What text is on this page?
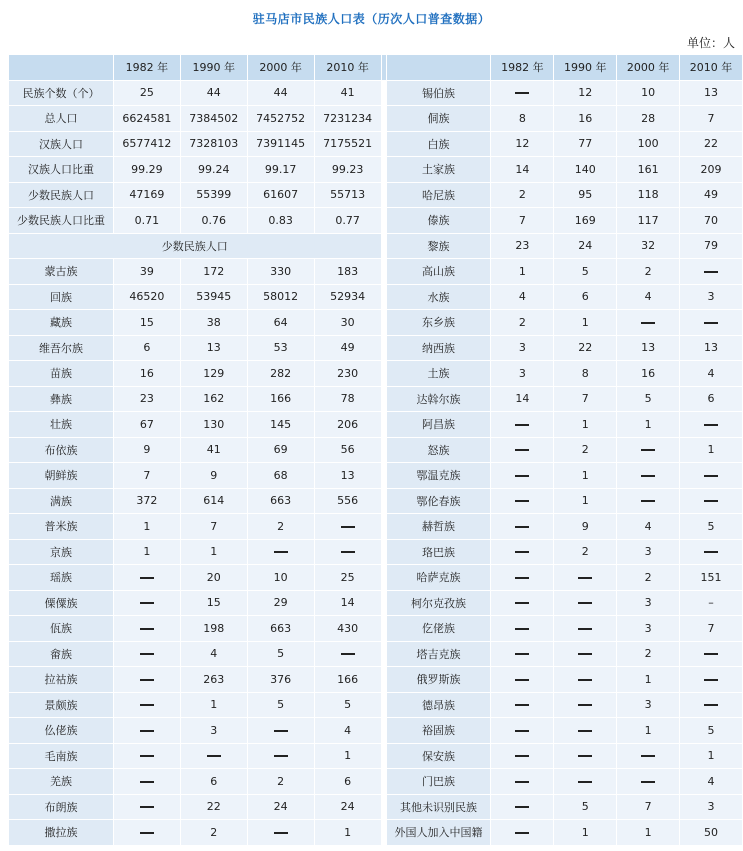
驻马店市民族人口表（历次人口普查数据）
单位：人
	1982 年	1990 年	2000 年	2010 年			1982 年	1990 年	2000 年	2010 年
民族个数（个）	25	44	44	41		锡伯族		12	10	13
总人口	6624581	7384502	7452752	7231234		侗族	8	16	28	7
汉族人口	6577412	7328103	7391145	7175521		白族	12	77	100	22
汉族人口比重	99.29	99.24	99.17	99.23		土家族	14	140	161	209
少数民族人口	47169	55399	61607	55713		哈尼族	2	95	118	49
少数民族人口比重	0.71	0.76	0.83	0.77		傣族	7	169	117	70
少数民族人口						黎族	23	24	32	79
蒙古族	39	172	330	183		高山族	1	5	2	
回族	46520	53945	58012	52934		水族	4	6	4	3
藏族	15	38	64	30		东乡族	2	1		
维吾尔族	6	13	53	49		纳西族	3	22	13	13
苗族	16	129	282	230		土族	3	8	16	4
彝族	23	162	166	78		达斡尔族	14	7	5	6
壮族	67	130	145	206		阿昌族		1	1	
布依族	9	41	69	56		怒族		2		1
朝鲜族	7	9	68	13		鄂温克族		1		
满族	372	614	663	556		鄂伦春族		1		
普米族	1	7	2			赫哲族		9	4	5
京族	1	1				珞巴族		2	3	
瑶族		20	10	25		哈萨克族			2	151
傈僳族		15	29	14		柯尔克孜族			3	–
佤族		198	663	430		仡佬族			3	7
畲族		4	5			塔吉克族			2	
拉祜族		263	376	166		俄罗斯族			1	
景颇族		1	5	5		德昂族			3	
仫佬族		3		4		裕固族			1	5
毛南族				1		保安族				1
羌族		6	2	6		门巴族				4
布朗族		22	24	24		其他未识别民族		5	7	3
撒拉族		2		1		外国人加入中国籍		1	1	50
